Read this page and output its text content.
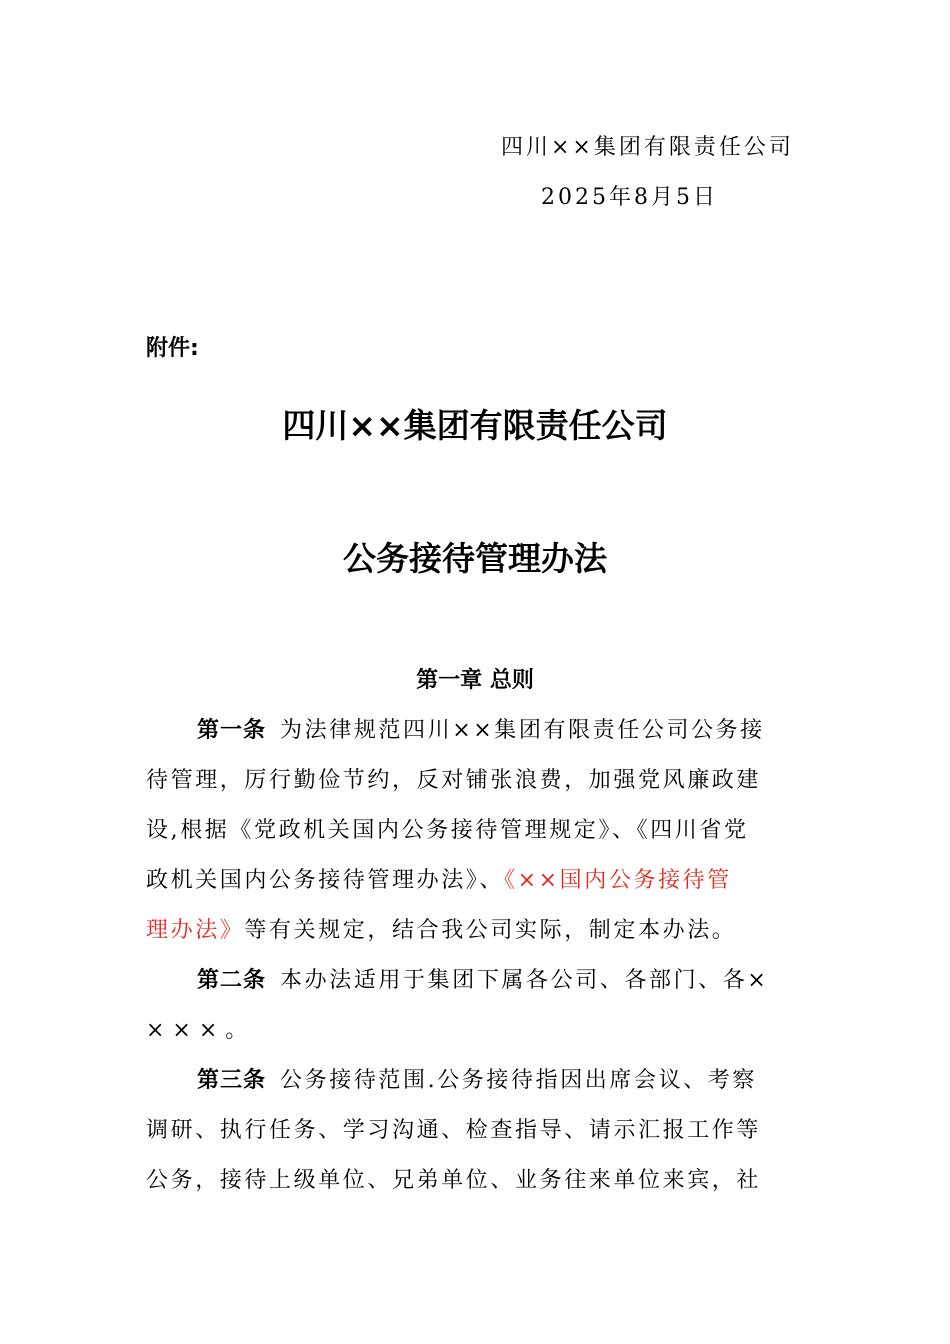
四川××集团有限责任公司
2025年8月5日
附件:
四川××集团有限责任公司
公务接待管理办法
第一章 总则
第一条 为法律规范四川××集团有限责任公司公务接
待管理，厉行勤俭节约，反对铺张浪费，加强党风廉政建
设,根据《党政机关国内公务接待管理规定》、《四川省党
政机关国内公务接待管理办法》、《××国内公务接待管
理办法》等有关规定，结合我公司实际，制定本办法。
第二条 本办法适用于集团下属各公司、各部门、各×
×××。
第三条 公务接待范围.公务接待指因出席会议、考察
调研、执行任务、学习沟通、检查指导、请示汇报工作等
公务，接待上级单位、兄弟单位、业务往来单位来宾，社
